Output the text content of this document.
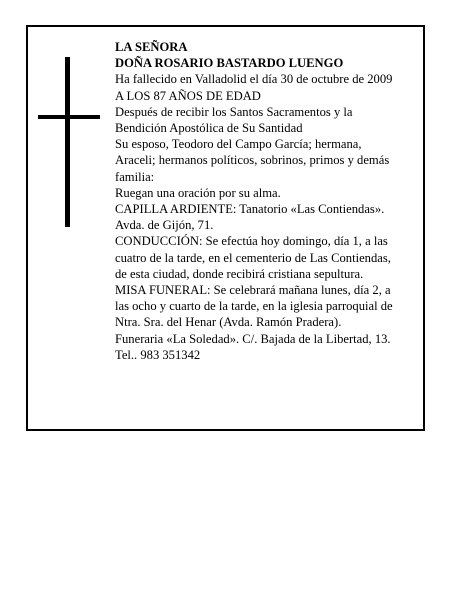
LA SEÑORA
DOÑA ROSARIO BASTARDO LUENGO
Ha fallecido en Valladolid el día 30 de octubre de 2009
A LOS 87 AÑOS DE EDAD
Después de recibir los Santos Sacramentos y la
Bendición Apostólica de Su Santidad
Su esposo, Teodoro del Campo García; hermana,
Araceli; hermanos políticos, sobrinos, primos y demás
familia:
Ruegan una oración por su alma.
CAPILLA ARDIENTE: Tanatorio «Las Contiendas».
Avda. de Gijón, 71.
CONDUCCIÓN: Se efectúa hoy domingo, día 1, a las
cuatro de la tarde, en el cementerio de Las Contiendas,
de esta ciudad, donde recibirá cristiana sepultura.
MISA FUNERAL: Se celebrará mañana lunes, día 2, a
las ocho y cuarto de la tarde, en la iglesia parroquial de
Ntra. Sra. del Henar (Avda. Ramón Pradera).
Funeraria «La Soledad». C/. Bajada de la Libertad, 13.
Tel.. 983 351342
